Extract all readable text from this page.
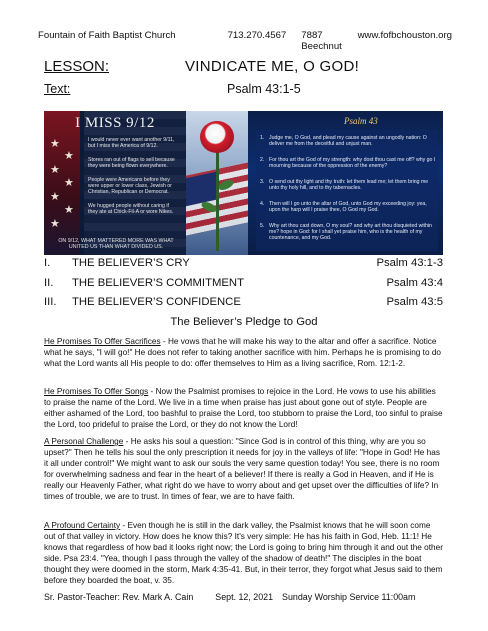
Fountain of Faith Baptist Church	713.270.4567 7887 Beechnut
www.fofbchouston.org
LESSON:	VINDICATE ME, O GOD!
Text:	Psalm 43:1-5
I MISS 9/12
★
★
★
★
★
★
★
I would never ever want another 9/11, but I miss the America of 9/12.
Stores ran out of flags to sell because they were being flown everywhere.
People were Americans before they were upper or lower class, Jewish or Christian, Republican or Democrat.
We hugged people without caring if they ate at Chick-Fil-A or wore Nikes.
ON 9/12, WHAT MATTERED MORE WAS WHAT UNITED US THAN WHAT DIVIDED US.
Psalm 43
1. Judge me, O God, and plead my cause against an ungodly nation: O deliver me from the deceitful and unjust man.
2. For thou art the God of my strength: why dost thou cast me off? why go I mourning because of the oppression of the enemy?
3. O send out thy light and thy truth: let them lead me; let them bring me unto thy holy hill, and to thy tabernacles.
4. Then will I go unto the altar of God, unto God my exceeding joy: yea, upon the harp will I praise thee, O God my God.
5. Why art thou cast down, O my soul? and why art thou disquieted within me? hope in God: for I shall yet praise him, who is the health of my countenance, and my God.
I. THE BELIEVER’S CRY	Psalm 43:1-3
II. THE BELIEVER’S COMMITMENT	Psalm 43:4
III. THE BELIEVER’S CONFIDENCE	Psalm 43:5
The Believer’s Pledge to God
He Promises To Offer Sacrifices - He vows that he will make his way to the altar and offer a sacrifice. Notice what he says, "I will go!" He does not refer to taking another sacrifice with him. Perhaps he is promising to do what the Lord wants all His people to do: offer themselves to Him as a living sacrifice, Rom. 12:1-2.
He Promises To Offer Songs - Now the Psalmist promises to rejoice in the Lord. He vows to use his abilities to praise the name of the Lord. We live in a time when praise has just about gone out of style. People are either ashamed of the Lord, too bashful to praise the Lord, too stubborn to praise the Lord, too sinful to praise the Lord, too prideful to praise the Lord, or they do not know the Lord!
A Personal Challenge - He asks his soul a question: "Since God is in control of this thing, why are you so upset?" Then he tells his soul the only prescription it needs for joy in the valleys of life: "Hope in God! He has it all under control!" We might want to ask our souls the very same question today! You see, there is no room for overwhelming sadness and fear in the heart of a believer! If there is really a God in Heaven, and if He is really our Heavenly Father, what right do we have to worry about and get upset over the difficulties of life? In times of trouble, we are to trust. In times of fear, we are to have faith.
A Profound Certainty - Even though he is still in the dark valley, the Psalmist knows that he will soon come out of that valley in victory. How does he know this? It's very simple: He has his faith in God, Heb. 11:1! He knows that regardless of how bad it looks right now; the Lord is going to bring him through it and out the other side. Psa 23:4. "Yea, though I pass through the valley of the shadow of death!" The disciples in the boat thought they were doomed in the storm, Mark 4:35-41. But, in their terror, they forgot what Jesus said to them before they boarded the boat, v. 35.
Sr. Pastor-Teacher: Rev. Mark A. Cain Sept. 12, 2021 Sunday Worship Service 11:00am
